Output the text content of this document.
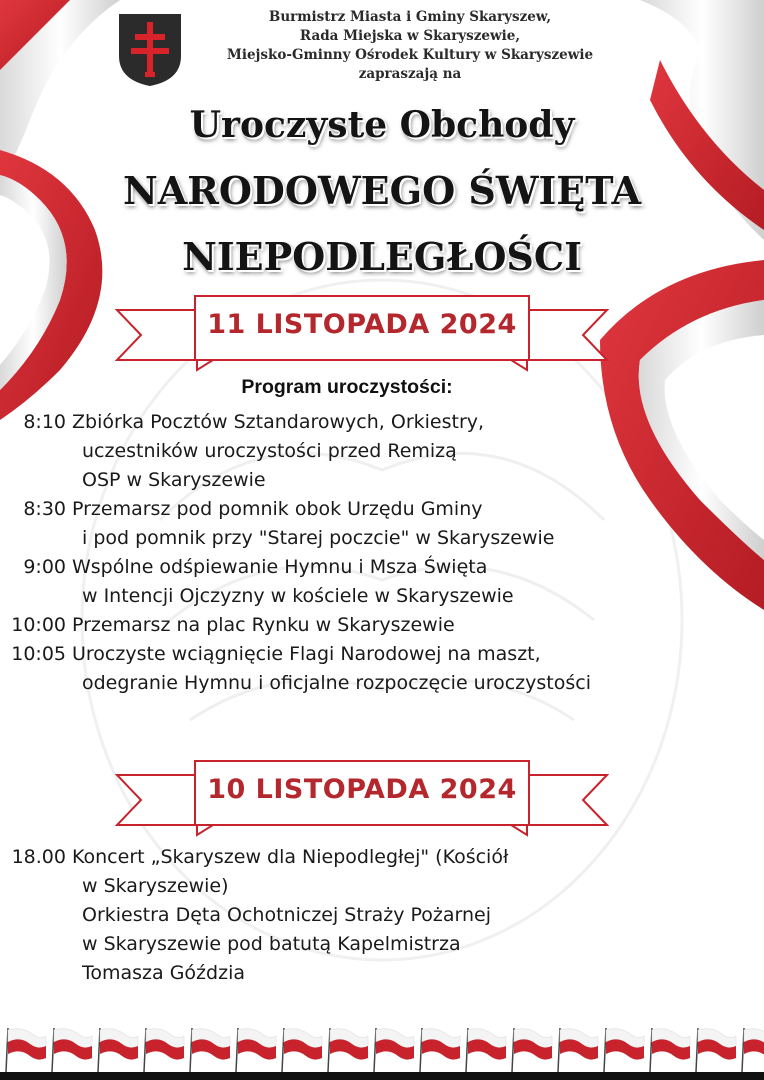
Burmistrz Miasta i Gminy Skaryszew,
Rada Miejska w Skaryszewie,
Miejsko-Gminny Ośrodek Kultury w Skaryszewie
zapraszają na
Uroczyste Obchody
NARODOWEGO ŚWIĘTA
NIEPODLEGŁOŚCI
11 LISTOPADA 2024
Program uroczystości:
8:10 Zbiórka Pocztów Sztandarowych, Orkiestry,
uczestników uroczystości przed Remizą
OSP w Skaryszewie
8:30 Przemarsz pod pomnik obok Urzędu Gminy
i pod pomnik przy "Starej poczcie" w Skaryszewie
9:00 Wspólne odśpiewanie Hymnu i Msza Święta
w Intencji Ojczyzny w kościele w Skaryszewie
10:00 Przemarsz na plac Rynku w Skaryszewie
10:05 Uroczyste wciągnięcie Flagi Narodowej na maszt,
odegranie Hymnu i oficjalne rozpoczęcie uroczystości
10 LISTOPADA 2024
18.00 Koncert „Skaryszew dla Niepodległej" (Kościół
w Skaryszewie)
Orkiestra Dęta Ochotniczej Straży Pożarnej
w Skaryszewie pod batutą Kapelmistrza
Tomasza Góździa
